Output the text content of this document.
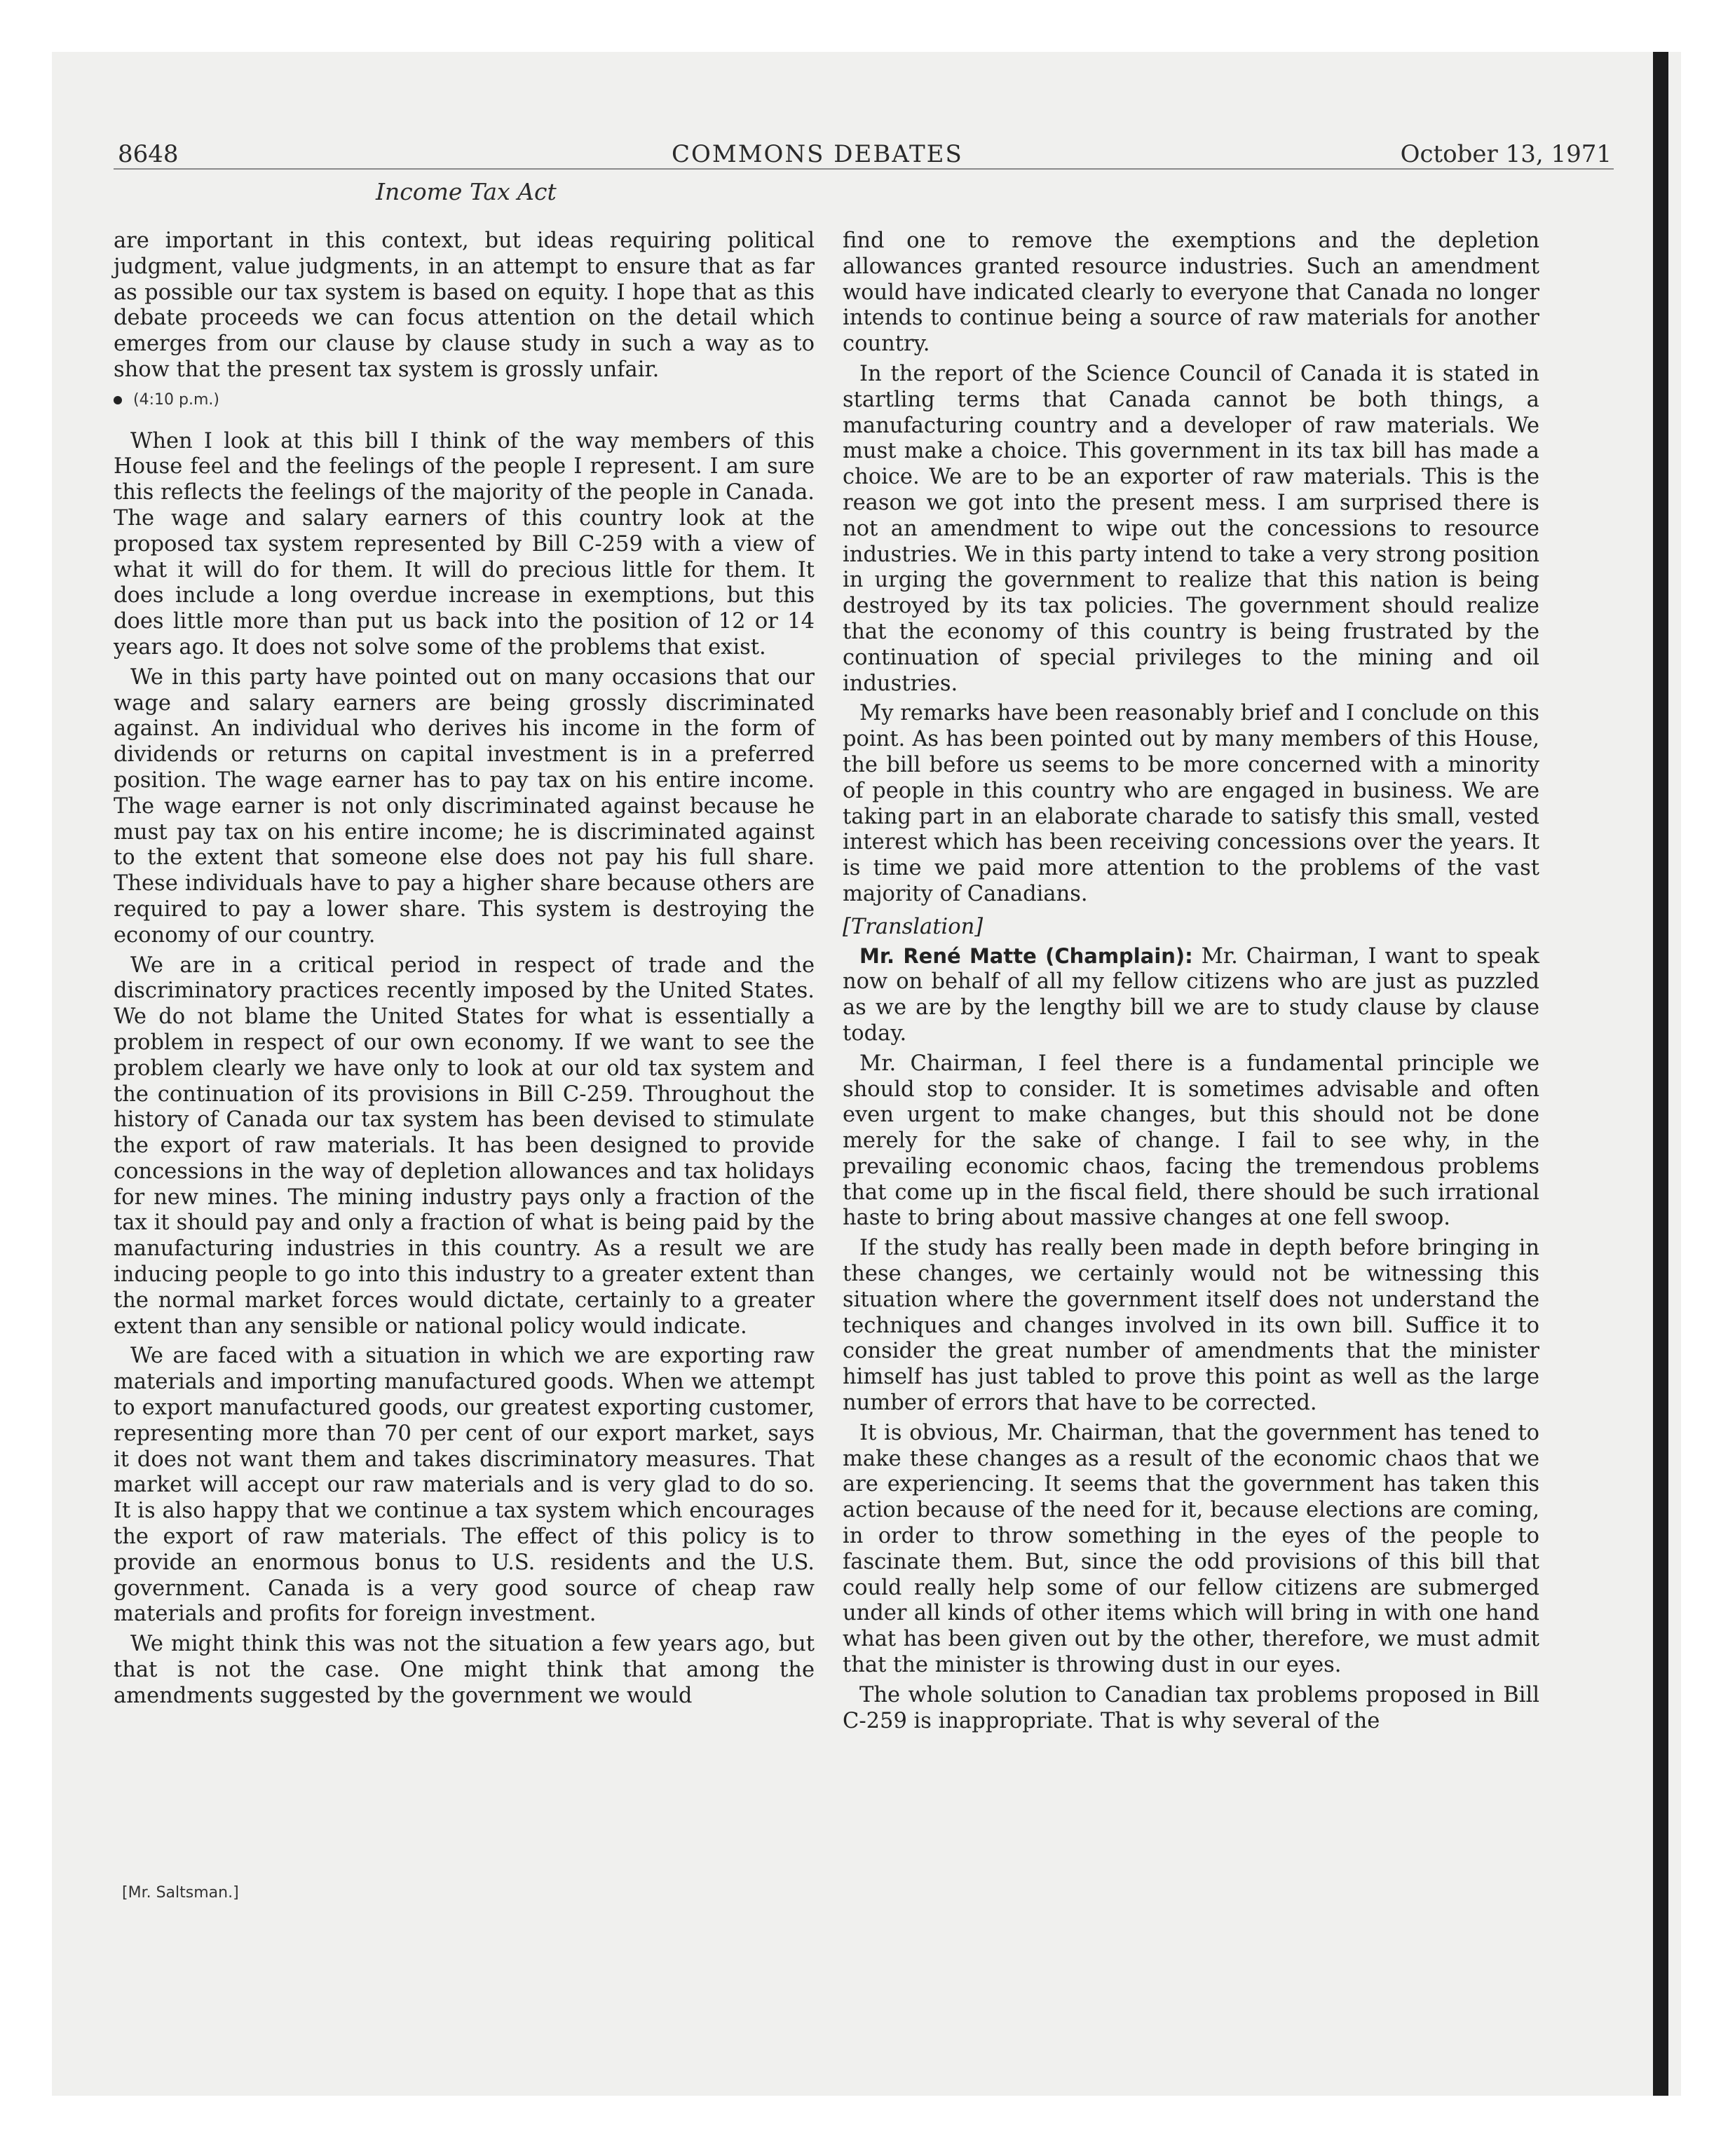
8648	COMMONS DEBATES	October 13, 1971
Income Tax Act

are important in this context, but ideas requiring political judgment, value judgments, in an attempt to ensure that as far as possible our tax system is based on equity. I hope that as this debate proceeds we can focus attention on the detail which emerges from our clause by clause study in such a way as to show that the present tax system is grossly unfair.

(4:10 p.m.)

When I look at this bill I think of the way members of this House feel and the feelings of the people I represent. I am sure this reflects the feelings of the majority of the people in Canada. The wage and salary earners of this country look at the proposed tax system represented by Bill C-259 with a view of what it will do for them. It will do precious little for them. It does include a long overdue increase in exemptions, but this does little more than put us back into the position of 12 or 14 years ago. It does not solve some of the problems that exist.

We in this party have pointed out on many occasions that our wage and salary earners are being grossly discriminated against. An individual who derives his income in the form of dividends or returns on capital investment is in a preferred position. The wage earner has to pay tax on his entire income. The wage earner is not only discriminated against because he must pay tax on his entire income; he is discriminated against to the extent that someone else does not pay his full share. These individuals have to pay a higher share because others are required to pay a lower share. This system is destroying the economy of our country.

We are in a critical period in respect of trade and the discriminatory practices recently imposed by the United States. We do not blame the United States for what is essentially a problem in respect of our own economy. If we want to see the problem clearly we have only to look at our old tax system and the continuation of its provisions in Bill C-259. Throughout the history of Canada our tax system has been devised to stimulate the export of raw materials. It has been designed to provide concessions in the way of depletion allowances and tax holidays for new mines. The mining industry pays only a fraction of the tax it should pay and only a fraction of what is being paid by the manufacturing industries in this country. As a result we are inducing people to go into this industry to a greater extent than the normal market forces would dictate, certainly to a greater extent than any sensible or national policy would indicate.

We are faced with a situation in which we are exporting raw materials and importing manufactured goods. When we attempt to export manufactured goods, our greatest exporting customer, representing more than 70 per cent of our export market, says it does not want them and takes discriminatory measures. That market will accept our raw materials and is very glad to do so. It is also happy that we continue a tax system which encourages the export of raw materials. The effect of this policy is to provide an enormous bonus to U.S. residents and the U.S. government. Canada is a very good source of cheap raw materials and profits for foreign investment.

We might think this was not the situation a few years ago, but that is not the case. One might think that among the amendments suggested by the government we would

find one to remove the exemptions and the depletion allowances granted resource industries. Such an amendment would have indicated clearly to everyone that Canada no longer intends to continue being a source of raw materials for another country.

In the report of the Science Council of Canada it is stated in startling terms that Canada cannot be both things, a manufacturing country and a developer of raw materials. We must make a choice. This government in its tax bill has made a choice. We are to be an exporter of raw materials. This is the reason we got into the present mess. I am surprised there is not an amendment to wipe out the concessions to resource industries. We in this party intend to take a very strong position in urging the government to realize that this nation is being destroyed by its tax policies. The government should realize that the economy of this country is being frustrated by the continuation of special privileges to the mining and oil industries.

My remarks have been reasonably brief and I conclude on this point. As has been pointed out by many members of this House, the bill before us seems to be more concerned with a minority of people in this country who are engaged in business. We are taking part in an elaborate charade to satisfy this small, vested interest which has been receiving concessions over the years. It is time we paid more attention to the problems of the vast majority of Canadians.

[Translation]

Mr. René Matte (Champlain): Mr. Chairman, I want to speak now on behalf of all my fellow citizens who are just as puzzled as we are by the lengthy bill we are to study clause by clause today.

Mr. Chairman, I feel there is a fundamental principle we should stop to consider. It is sometimes advisable and often even urgent to make changes, but this should not be done merely for the sake of change. I fail to see why, in the prevailing economic chaos, facing the tremendous problems that come up in the fiscal field, there should be such irrational haste to bring about massive changes at one fell swoop.

If the study has really been made in depth before bringing in these changes, we certainly would not be witnessing this situation where the government itself does not understand the techniques and changes involved in its own bill. Suffice it to consider the great number of amendments that the minister himself has just tabled to prove this point as well as the large number of errors that have to be corrected.

It is obvious, Mr. Chairman, that the government has tened to make these changes as a result of the economic chaos that we are experiencing. It seems that the government has taken this action because of the need for it, because elections are coming, in order to throw something in the eyes of the people to fascinate them. But, since the odd provisions of this bill that could really help some of our fellow citizens are submerged under all kinds of other items which will bring in with one hand what has been given out by the other, therefore, we must admit that the minister is throwing dust in our eyes.

The whole solution to Canadian tax problems proposed in Bill C-259 is inappropriate. That is why several of the

[Mr. Saltsman.]
